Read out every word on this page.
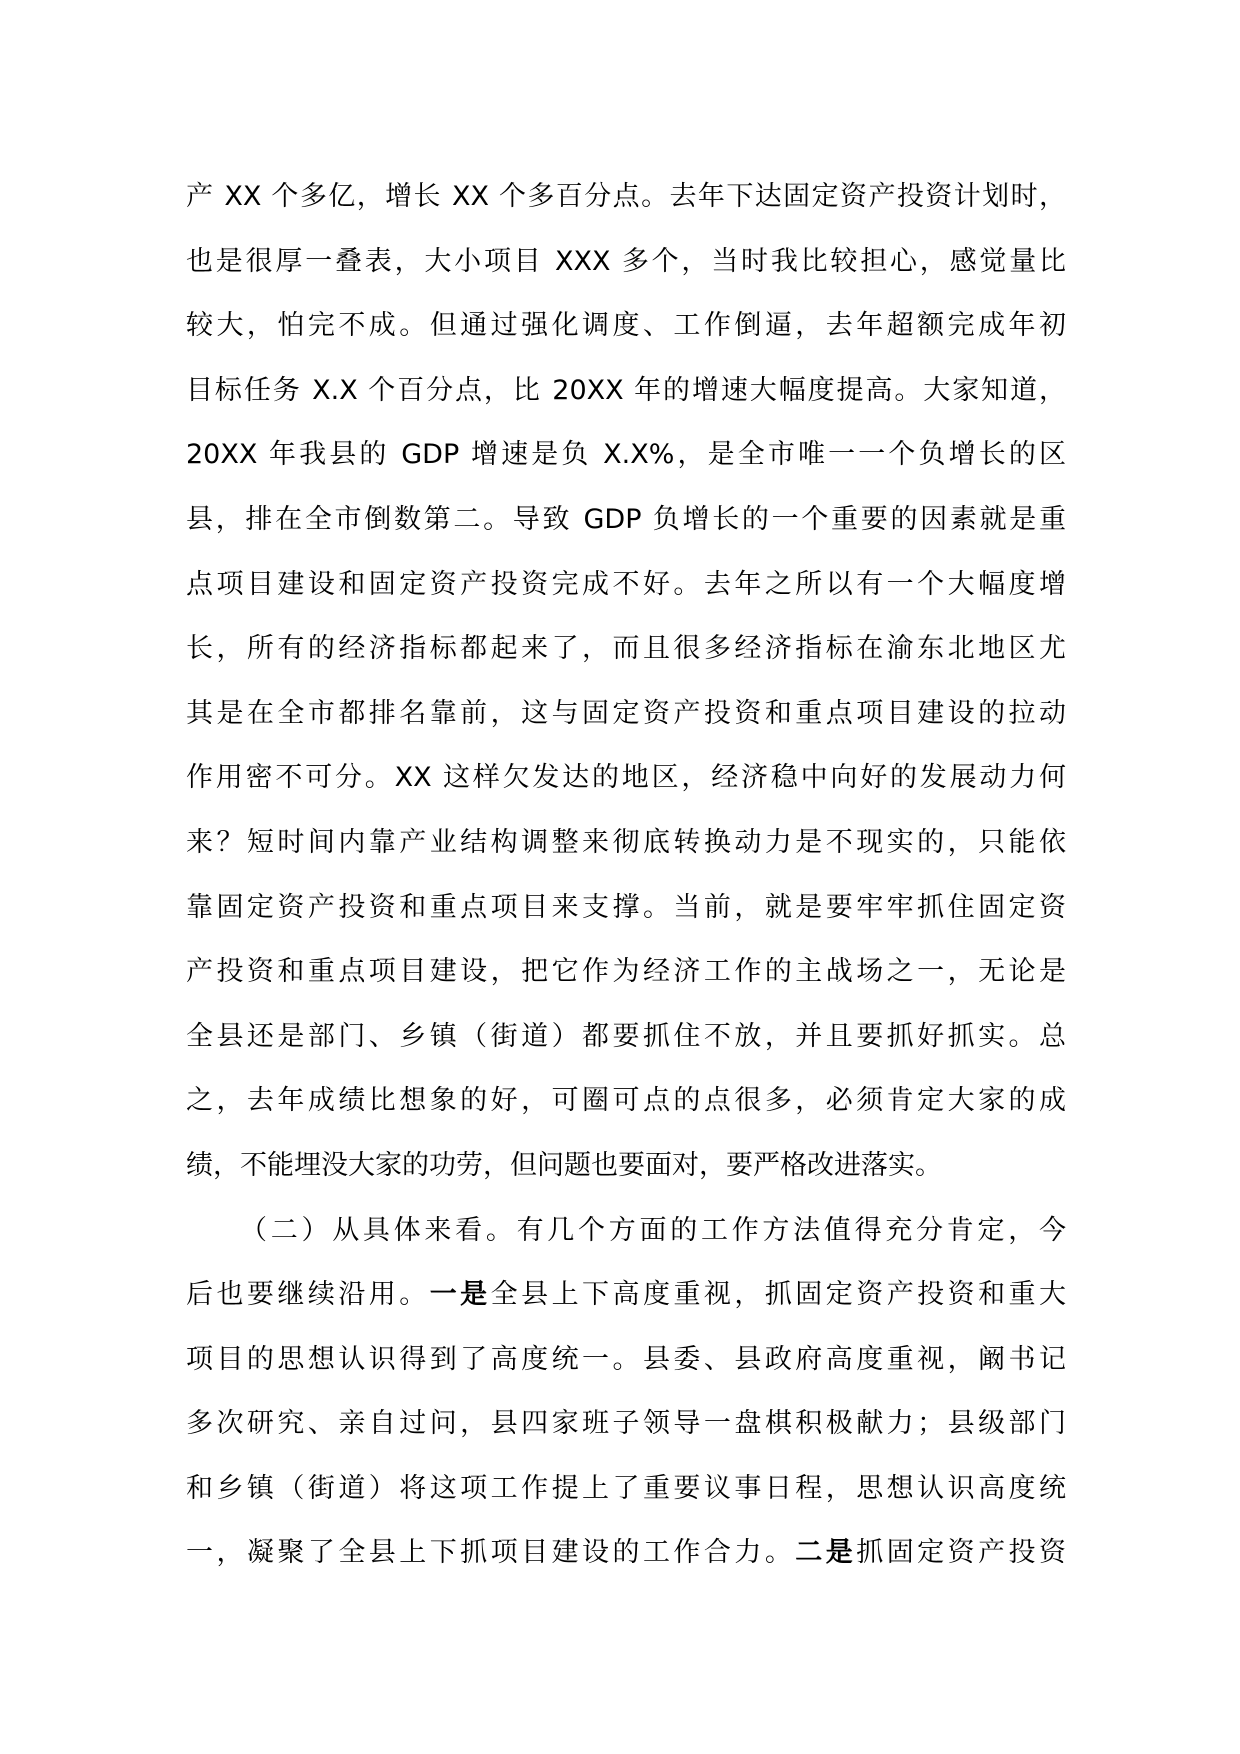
产 XX 个多亿，增长 XX 个多百分点。去年下达固定资产投资计划时，
也是很厚一叠表，大小项目 XXX 多个，当时我比较担心，感觉量比
较大，怕完不成。但通过强化调度、工作倒逼，去年超额完成年初
目标任务 X.X 个百分点，比 20XX 年的增速大幅度提高。大家知道，
20XX 年我县的 GDP 增速是负 X.X%，是全市唯一一个负增长的区
县，排在全市倒数第二。导致 GDP 负增长的一个重要的因素就是重
点项目建设和固定资产投资完成不好。去年之所以有一个大幅度增
长，所有的经济指标都起来了，而且很多经济指标在渝东北地区尤
其是在全市都排名靠前，这与固定资产投资和重点项目建设的拉动
作用密不可分。XX 这样欠发达的地区，经济稳中向好的发展动力何
来？短时间内靠产业结构调整来彻底转换动力是不现实的，只能依
靠固定资产投资和重点项目来支撑。当前，就是要牢牢抓住固定资
产投资和重点项目建设，把它作为经济工作的主战场之一，无论是
全县还是部门、乡镇（街道）都要抓住不放，并且要抓好抓实。总
之，去年成绩比想象的好，可圈可点的点很多，必须肯定大家的成
绩，不能埋没大家的功劳，但问题也要面对，要严格改进落实。
（二）从具体来看。有几个方面的工作方法值得充分肯定，今
后也要继续沿用。一是全县上下高度重视，抓固定资产投资和重大
项目的思想认识得到了高度统一。县委、县政府高度重视，阚书记
多次研究、亲自过问，县四家班子领导一盘棋积极献力；县级部门
和乡镇（街道）将这项工作提上了重要议事日程，思想认识高度统
一，凝聚了全县上下抓项目建设的工作合力。二是抓固定资产投资
